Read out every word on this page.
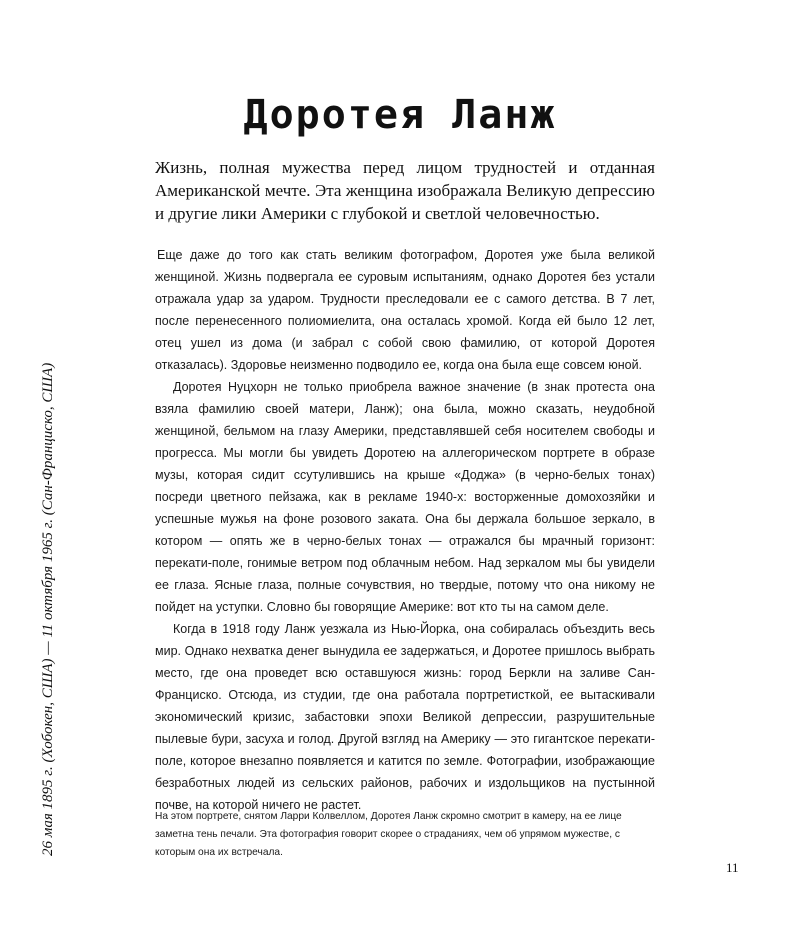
Доротея Ланж

Жизнь, полная мужества перед лицом трудностей и отданная Американской мечте. Эта женщина изображала Великую депрессию и другие лики Америки с глубокой и светлой человечностью.

Еще даже до того как стать великим фотографом, Доротея уже была великой женщиной. Жизнь подвергала ее суровым испытаниям, однако Доротея без устали отражала удар за ударом. Трудности преследовали ее с самого детства. В 7 лет, после перенесенного полиомиелита, она осталась хромой. Когда ей было 12 лет, отец ушел из дома (и забрал с собой свою фамилию, от которой Доротея отказалась). Здоровье неизменно подводило ее, когда она была еще совсем юной.

Доротея Нуцхорн не только приобрела важное значение (в знак протеста она взяла фамилию своей матери, Ланж); она была, можно сказать, неудобной женщиной, бельмом на глазу Америки, представлявшей себя носителем свободы и прогресса. Мы могли бы увидеть Доротею на аллегорическом портрете в образе музы, которая сидит ссутулившись на крыше «Доджа» (в черно-белых тонах) посреди цветного пейзажа, как в рекламе 1940-х: восторженные домохозяйки и успешные мужья на фоне розового заката. Она бы держала большое зеркало, в котором — опять же в черно-белых тонах — отражался бы мрачный горизонт: перекати-поле, гонимые ветром под облачным небом. Над зеркалом мы бы увидели ее глаза. Ясные глаза, полные сочувствия, но твердые, потому что она никому не пойдет на уступки. Словно бы говорящие Америке: вот кто ты на самом деле.

Когда в 1918 году Ланж уезжала из Нью-Йорка, она собиралась объездить весь мир. Однако нехватка денег вынудила ее задержаться, и Доротее пришлось выбрать место, где она проведет всю оставшуюся жизнь: город Беркли на заливе Сан-Франциско. Отсюда, из студии, где она работала портретисткой, ее вытаскивали экономический кризис, забастовки эпохи Великой депрессии, разрушительные пылевые бури, засуха и голод. Другой взгляд на Америку — это гигантское перекати-поле, которое внезапно появляется и катится по земле. Фотографии, изображающие безработных людей из сельских районов, рабочих и издольщиков на пустынной почве, на которой ничего не растет.

На этом портрете, снятом Ларри Колвеллом, Доротея Ланж скромно смотрит в камеру, на ее лице заметна тень печали. Эта фотография говорит скорее о страданиях, чем об упрямом мужестве, с которым она их встречала.

26 мая 1895 г. (Хобокен, США) — 11 октября 1965 г. (Сан-Франциско, США)
11
